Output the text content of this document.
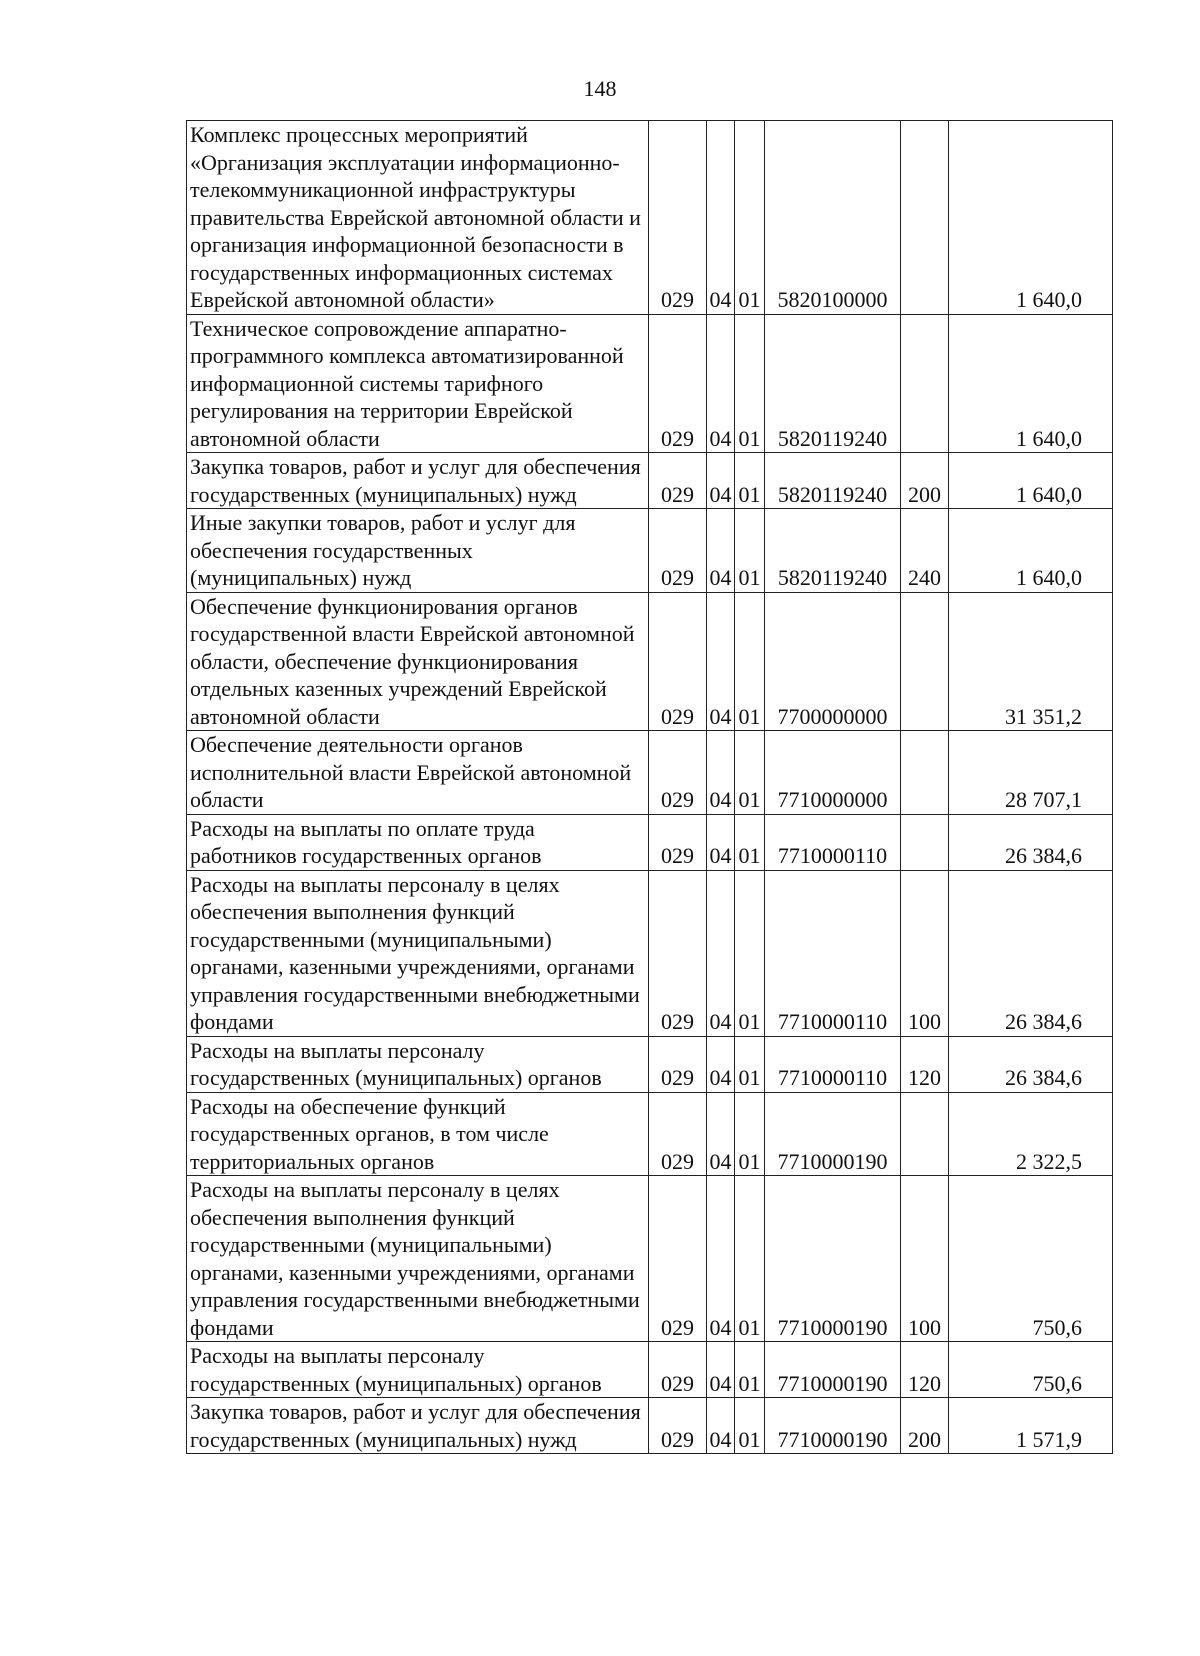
148
Комплекс процессных мероприятий «Организация эксплуатации информационно-телекоммуникационной инфраструктуры правительства Еврейской автономной области и организация информационной безопасности в государственных информационных системах Еврейской автономной области»	029	04	01	5820100000		1 640,0
Техническое сопровождение аппаратно-программного комплекса автоматизированной информационной системы тарифного регулирования на территории Еврейской автономной области	029	04	01	5820119240		1 640,0
Закупка товаров, работ и услуг для обеспечения государственных (муниципальных) нужд	029	04	01	5820119240	200	1 640,0
Иные закупки товаров, работ и услуг для обеспечения государственных (муниципальных) нужд	029	04	01	5820119240	240	1 640,0
Обеспечение функционирования органов государственной власти Еврейской автономной области, обеспечение функционирования отдельных казенных учреждений Еврейской автономной области	029	04	01	7700000000		31 351,2
Обеспечение деятельности органов исполнительной власти Еврейской автономной области	029	04	01	7710000000		28 707,1
Расходы на выплаты по оплате труда работников государственных органов	029	04	01	7710000110		26 384,6
Расходы на выплаты персоналу в целях обеспечения выполнения функций государственными (муниципальными) органами, казенными учреждениями, органами управления государственными внебюджетными фондами	029	04	01	7710000110	100	26 384,6
Расходы на выплаты персоналу государственных (муниципальных) органов	029	04	01	7710000110	120	26 384,6
Расходы на обеспечение функций государственных органов, в том числе территориальных органов	029	04	01	7710000190		2 322,5
Расходы на выплаты персоналу в целях обеспечения выполнения функций государственными (муниципальными) органами, казенными учреждениями, органами управления государственными внебюджетными фондами	029	04	01	7710000190	100	750,6
Расходы на выплаты персоналу государственных (муниципальных) органов	029	04	01	7710000190	120	750,6
Закупка товаров, работ и услуг для обеспечения государственных (муниципальных) нужд	029	04	01	7710000190	200	1 571,9
